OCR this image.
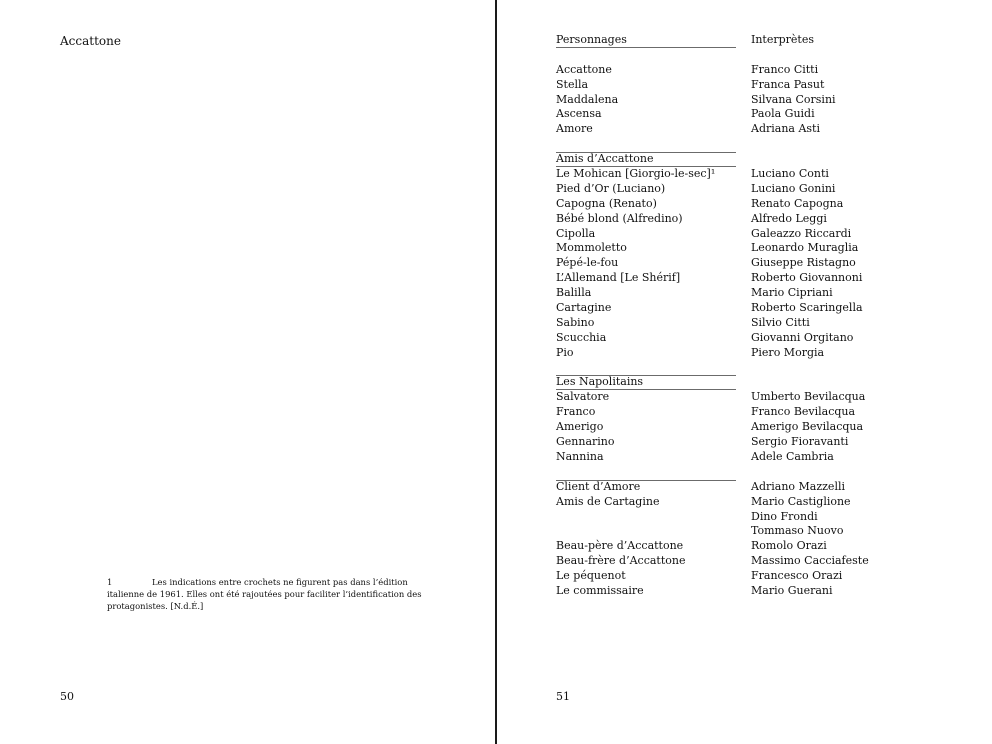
Accattone
1	Les indications entre crochets ne figurent pas dans l’édition italienne de 1961. Elles ont été rajoutées pour faciliter l’identification des protagonistes. [N.d.É.]
50
Personnages	Interprètes
Accattone	Franco Citti
Stella	Franca Pasut
Maddalena	Silvana Corsini
Ascensa	Paola Guidi
Amore	Adriana Asti
Amis d’Accattone
Le Mohican [Giorgio-le-sec]¹	Luciano Conti
Pied d’Or (Luciano)	Luciano Gonini
Capogna (Renato)	Renato Capogna
Bébé blond (Alfredino)	Alfredo Leggi
Cipolla	Galeazzo Riccardi
Mommoletto	Leonardo Muraglia
Pépé-le-fou	Giuseppe Ristagno
L’Allemand [Le Shérif]	Roberto Giovannoni
Balilla	Mario Cipriani
Cartagine	Roberto Scaringella
Sabino	Silvio Citti
Scucchia	Giovanni Orgitano
Pio	Piero Morgia
Les Napolitains
Salvatore	Umberto Bevilacqua
Franco	Franco Bevilacqua
Amerigo	Amerigo Bevilacqua
Gennarino	Sergio Fioravanti
Nannina	Adele Cambria
Client d’Amore	Adriano Mazzelli
Amis de Cartagine	Mario Castiglione
Dino Frondi
Tommaso Nuovo
Beau-père d’Accattone	Romolo Orazi
Beau-frère d’Accattone	Massimo Cacciafeste
Le péquenot	Francesco Orazi
Le commissaire	Mario Guerani
51
